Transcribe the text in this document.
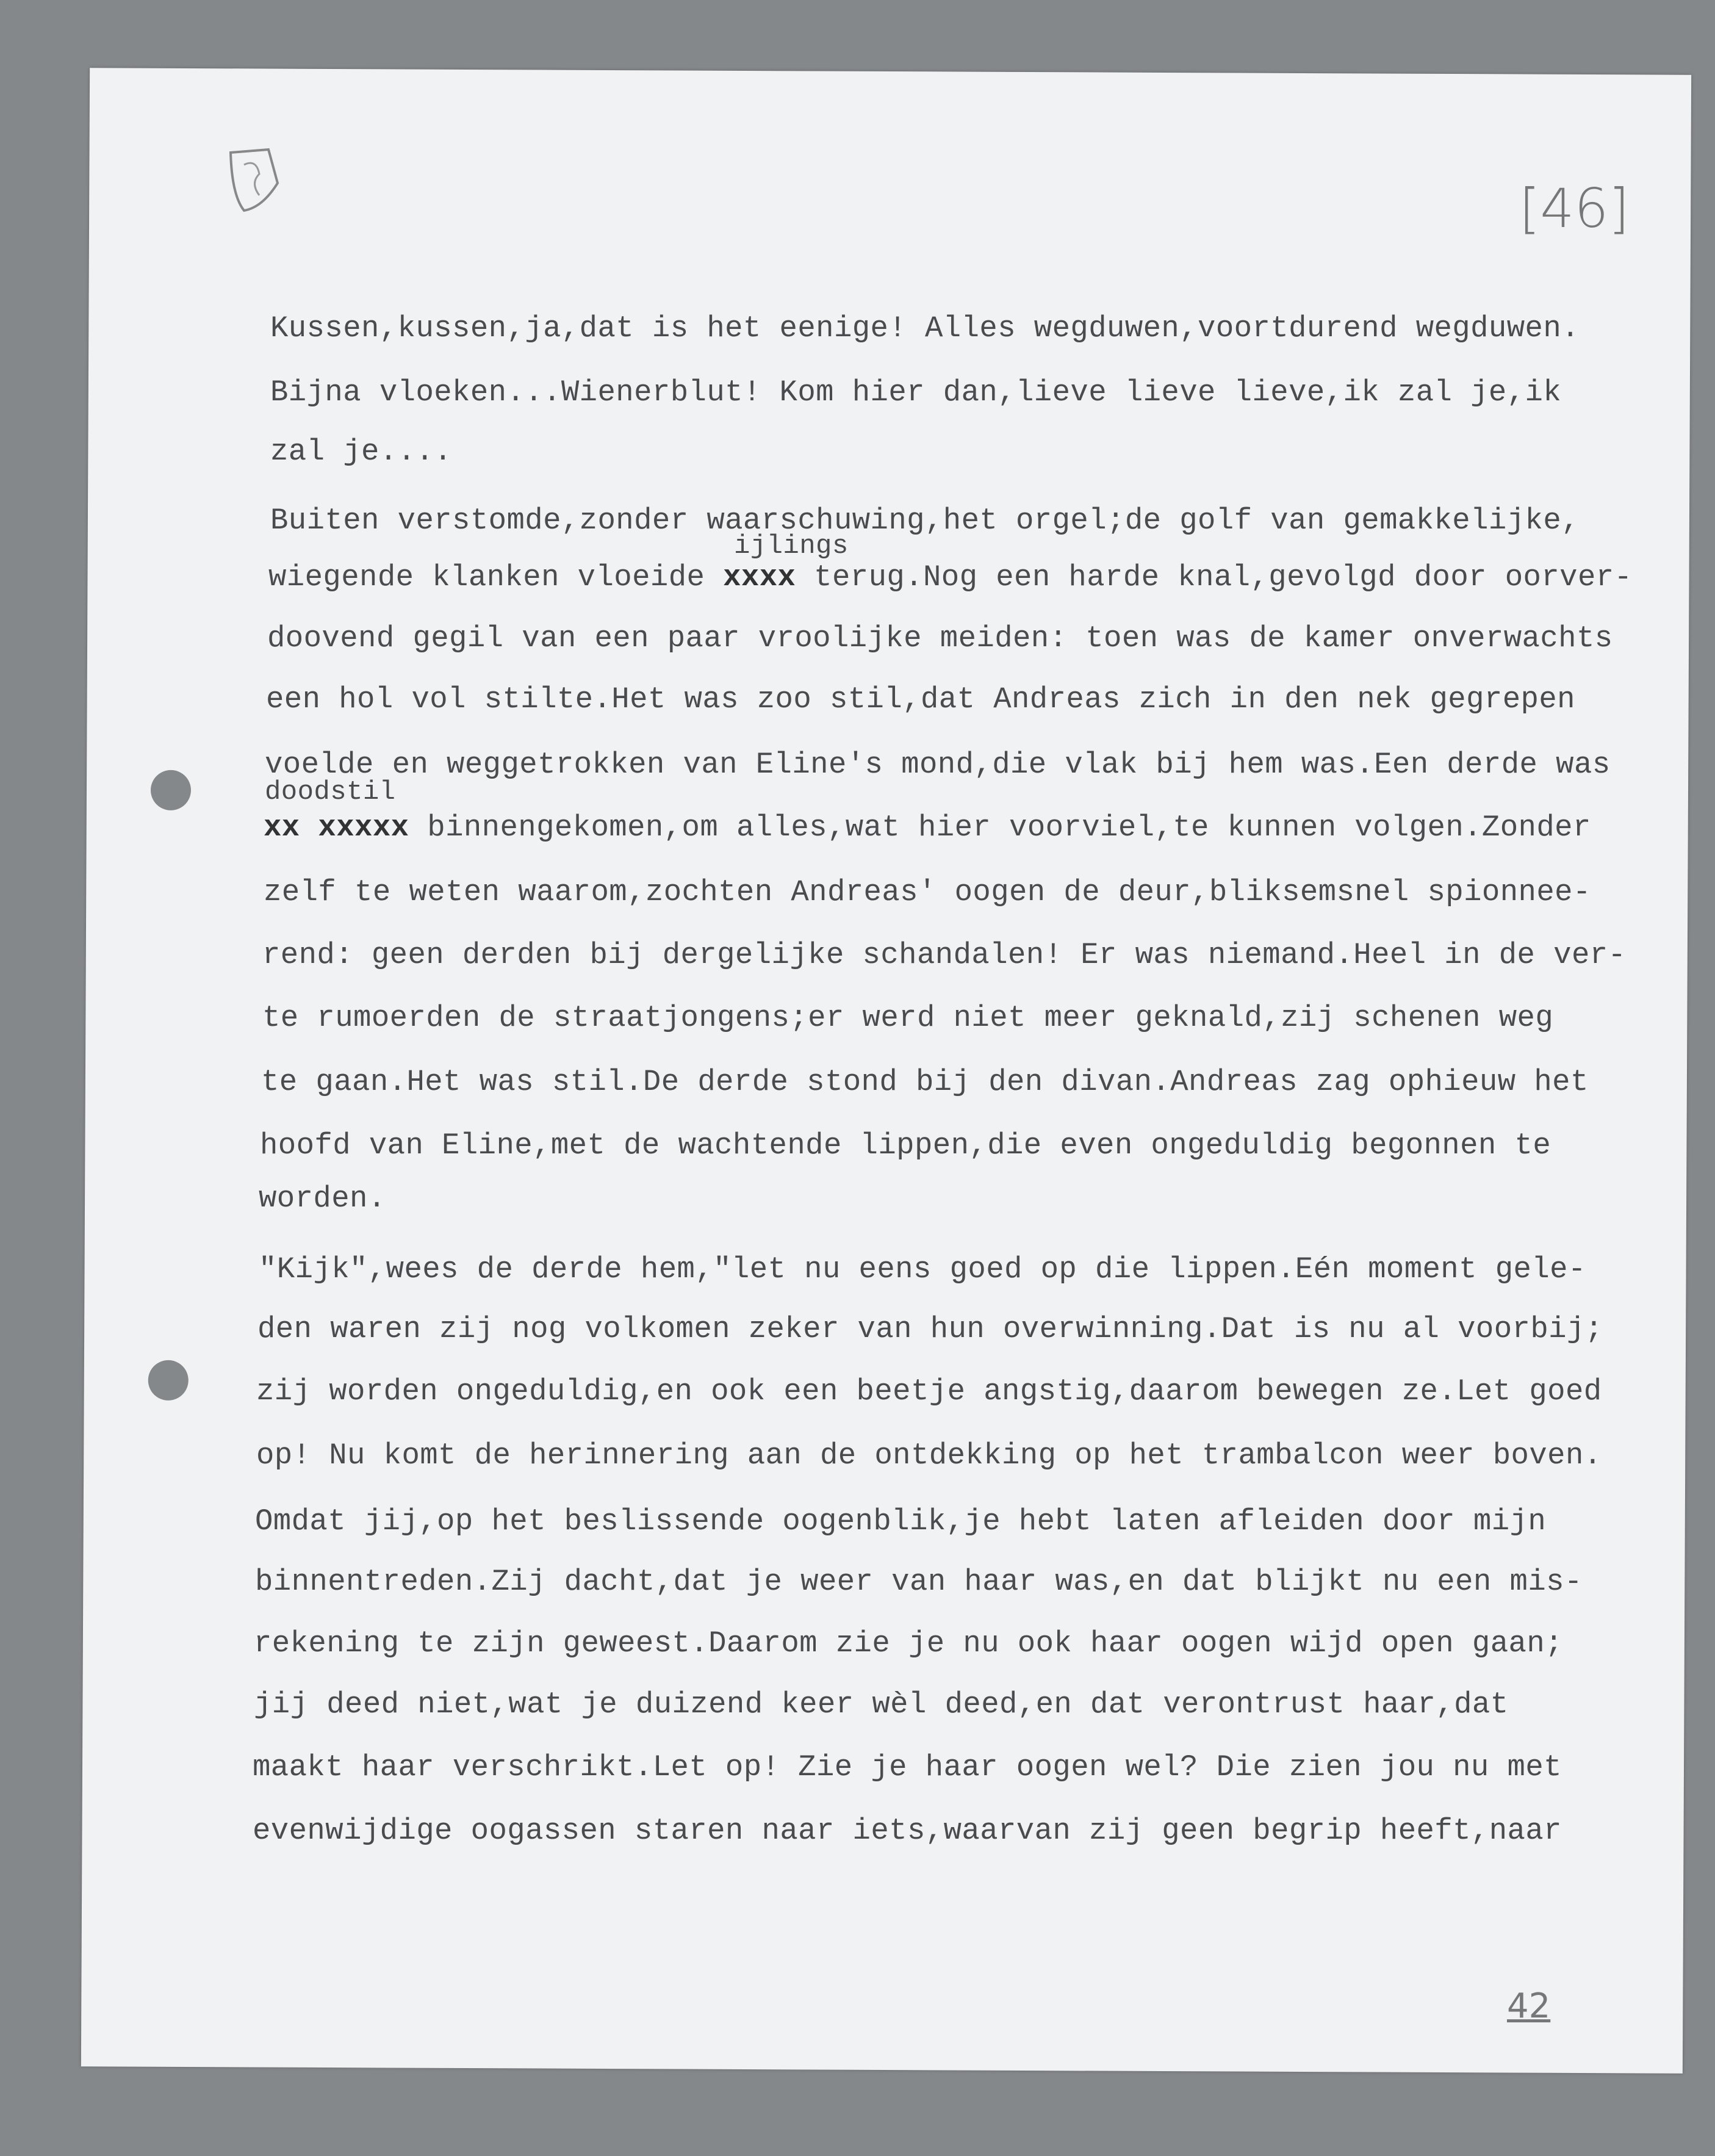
[46]
42
Kussen,kussen,ja,dat is het eenige! Alles wegduwen,voortdurend wegduwen.
Bijna vloeken...Wienerblut! Kom hier dan,lieve lieve lieve,ik zal je,ik
zal je....
Buiten verstomde,zonder waarschuwing,het orgel;de golf van gemakkelijke,
ijlings
wiegende klanken vloeide xxxx terug.Nog een harde knal,gevolgd door oorver-
doovend gegil van een paar vroolijke meiden: toen was de kamer onverwachts
een hol vol stilte.Het was zoo stil,dat Andreas zich in den nek gegrepen
voelde en weggetrokken van Eline's mond,die vlak bij hem was.Een derde was
doodstil
xx xxxxx binnengekomen,om alles,wat hier voorviel,te kunnen volgen.Zonder
zelf te weten waarom,zochten Andreas' oogen de deur,bliksemsnel spionnee-
rend: geen derden bij dergelijke schandalen! Er was niemand.Heel in de ver-
te rumoerden de straatjongens;er werd niet meer geknald,zij schenen weg
te gaan.Het was stil.De derde stond bij den divan.Andreas zag ophieuw het
hoofd van Eline,met de wachtende lippen,die even ongeduldig begonnen te
worden.
"Kijk",wees de derde hem,"let nu eens goed op die lippen.Eén moment gele-
den waren zij nog volkomen zeker van hun overwinning.Dat is nu al voorbij;
zij worden ongeduldig,en ook een beetje angstig,daarom bewegen ze.Let goed
op! Nu komt de herinnering aan de ontdekking op het trambalcon weer boven.
Omdat jij,op het beslissende oogenblik,je hebt laten afleiden door mijn
binnentreden.Zij dacht,dat je weer van haar was,en dat blijkt nu een mis-
rekening te zijn geweest.Daarom zie je nu ook haar oogen wijd open gaan;
jij deed niet,wat je duizend keer wèl deed,en dat verontrust haar,dat
maakt haar verschrikt.Let op! Zie je haar oogen wel? Die zien jou nu met
evenwijdige oogassen staren naar iets,waarvan zij geen begrip heeft,naar
